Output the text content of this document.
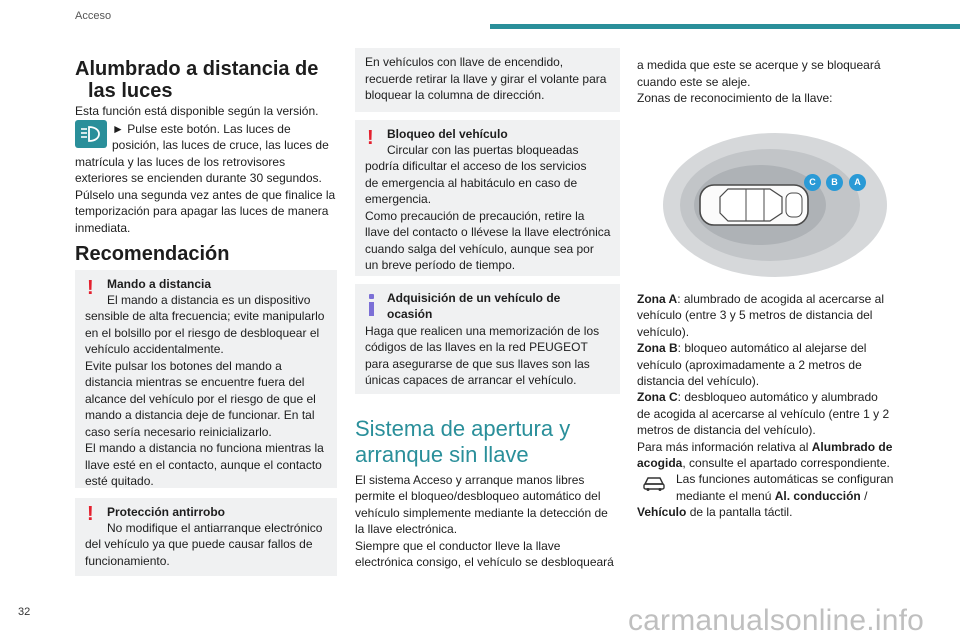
Acceso
Alumbrado a distancia de
las luces
Esta función está disponible según la versión.
► Pulse este botón. Las luces de
posición, las luces de cruce, las luces de
matrícula y las luces de los retrovisores
exteriores se encienden durante 30 segundos.
Púlselo una segunda vez antes de que finalice la
temporización para apagar las luces de manera
inmediata.
Recomendación
! Mando a distancia
El mando a distancia es un dispositivo
sensible de alta frecuencia; evite manipularlo
en el bolsillo por el riesgo de desbloquear el
vehículo accidentalmente.
Evite pulsar los botones del mando a
distancia mientras se encuentre fuera del
alcance del vehículo por el riesgo de que el
mando a distancia deje de funcionar. En tal
caso sería necesario reinicializarlo.
El mando a distancia no funciona mientras la
llave esté en el contacto, aunque el contacto
esté quitado.
! Protección antirrobo
No modifique el antiarranque electrónico
del vehículo ya que puede causar fallos de
funcionamiento.
En vehículos con llave de encendido,
recuerde retirar la llave y girar el volante para
bloquear la columna de dirección.
! Bloqueo del vehículo
Circular con las puertas bloqueadas
podría dificultar el acceso de los servicios
de emergencia al habitáculo en caso de
emergencia.
Como precaución de precaución, retire la
llave del contacto o llévese la llave electrónica
cuando salga del vehículo, aunque sea por
un breve período de tiempo.
Adquisición de un vehículo de
ocasión
Haga que realicen una memorización de los
códigos de las llaves en la red PEUGEOT
para asegurarse de que sus llaves son las
únicas capaces de arrancar el vehículo.
Sistema de apertura y
arranque sin llave
El sistema Acceso y arranque manos libres
permite el bloqueo/desbloqueo automático del
vehículo simplemente mediante la detección de
la llave electrónica.
Siempre que el conductor lleve la llave
electrónica consigo, el vehículo se desbloqueará
a medida que este se acerque y se bloqueará
cuando este se aleje.
Zonas de reconocimiento de la llave:
C	B	A
Zona A: alumbrado de acogida al acercarse al
vehículo (entre 3 y 5 metros de distancia del
vehículo).
Zona B: bloqueo automático al alejarse del
vehículo (aproximadamente a 2 metros de
distancia del vehículo).
Zona C: desbloqueo automático y alumbrado
de acogida al acercarse al vehículo (entre 1 y 2
metros de distancia del vehículo).
Para más información relativa al Alumbrado de
acogida, consulte el apartado correspondiente.
Las funciones automáticas se configuran
mediante el menú Al. conducción /
Vehículo de la pantalla táctil.
32	carmanualsonline.info
